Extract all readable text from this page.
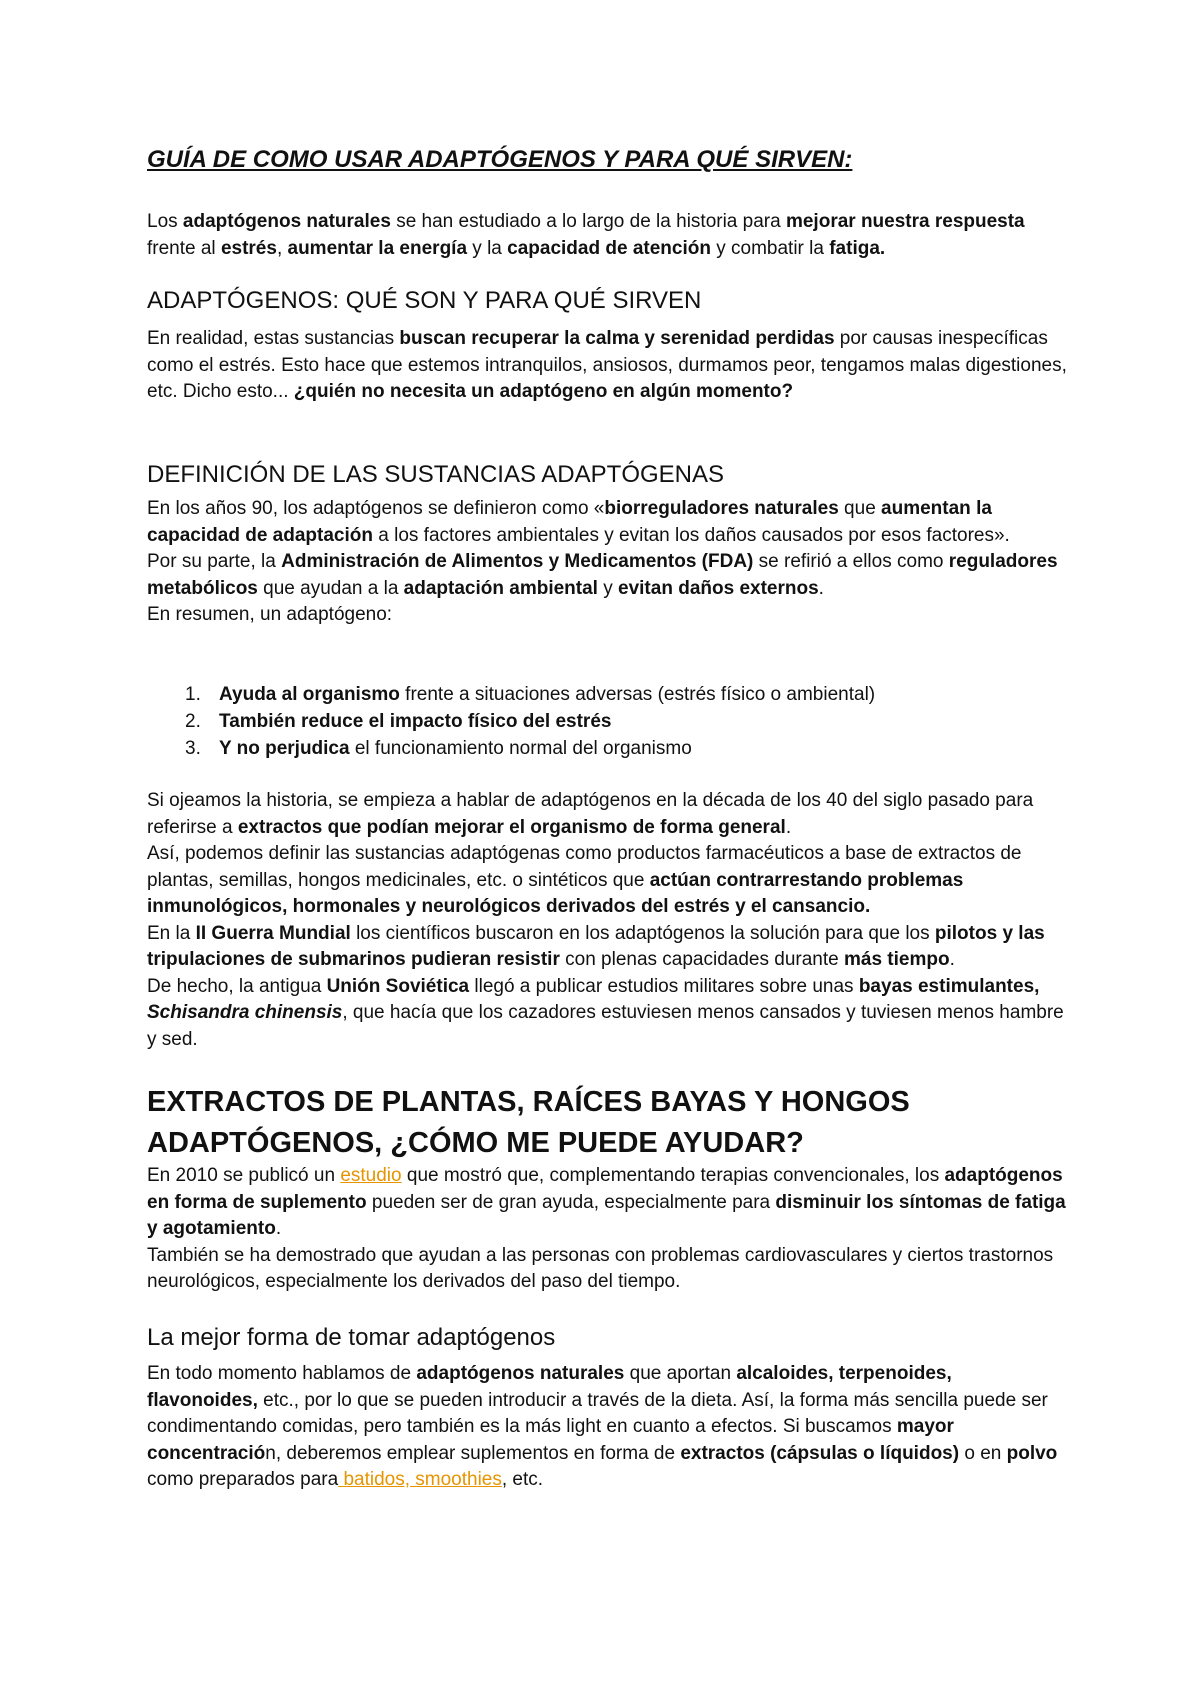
GUÍA DE COMO USAR ADAPTÓGENOS Y PARA QUÉ SIRVEN:

Los adaptógenos naturales se han estudiado a lo largo de la historia para mejorar nuestra respuesta frente al estrés, aumentar la energía y la capacidad de atención y combatir la fatiga.

ADAPTÓGENOS: QUÉ SON Y PARA QUÉ SIRVEN

En realidad, estas sustancias buscan recuperar la calma y serenidad perdidas por causas inespecíficas como el estrés. Esto hace que estemos intranquilos, ansiosos, durmamos peor, tengamos malas digestiones, etc. Dicho esto... ¿quién no necesita un adaptógeno en algún momento?

DEFINICIÓN DE LAS SUSTANCIAS ADAPTÓGENAS

En los años 90, los adaptógenos se definieron como «biorreguladores naturales que aumentan la capacidad de adaptación a los factores ambientales y evitan los daños causados por esos factores».

Por su parte, la Administración de Alimentos y Medicamentos (FDA) se refirió a ellos como reguladores metabólicos que ayudan a la adaptación ambiental y evitan daños externos.

En resumen, un adaptógeno:

1. Ayuda al organismo frente a situaciones adversas (estrés físico o ambiental)
2. También reduce el impacto físico del estrés
3. Y no perjudica el funcionamiento normal del organismo

Si ojeamos la historia, se empieza a hablar de adaptógenos en la década de los 40 del siglo pasado para referirse a extractos que podían mejorar el organismo de forma general.
Así, podemos definir las sustancias adaptógenas como productos farmacéuticos a base de extractos de plantas, semillas, hongos medicinales, etc. o sintéticos que actúan contrarrestando problemas inmunológicos, hormonales y neurológicos derivados del estrés y el cansancio.
En la II Guerra Mundial los científicos buscaron en los adaptógenos la solución para que los pilotos y las tripulaciones de submarinos pudieran resistir con plenas capacidades durante más tiempo.
De hecho, la antigua Unión Soviética llegó a publicar estudios militares sobre unas bayas estimulantes, Schisandra chinensis, que hacía que los cazadores estuviesen menos cansados y tuviesen menos hambre y sed.

EXTRACTOS DE PLANTAS, RAÍCES BAYAS Y HONGOS ADAPTÓGENOS, ¿CÓMO ME PUEDE AYUDAR?

En 2010 se publicó un estudio que mostró que, complementando terapias convencionales, los adaptógenos en forma de suplemento pueden ser de gran ayuda, especialmente para disminuir los síntomas de fatiga y agotamiento.
También se ha demostrado que ayudan a las personas con problemas cardiovasculares y ciertos trastornos neurológicos, especialmente los derivados del paso del tiempo.

La mejor forma de tomar adaptógenos

En todo momento hablamos de adaptógenos naturales que aportan alcaloides, terpenoides, flavonoides, etc., por lo que se pueden introducir a través de la dieta. Así, la forma más sencilla puede ser condimentando comidas, pero también es la más light en cuanto a efectos. Si buscamos mayor concentración, deberemos emplear suplementos en forma de extractos (cápsulas o líquidos) o en polvo como preparados para batidos, smoothies, etc.
